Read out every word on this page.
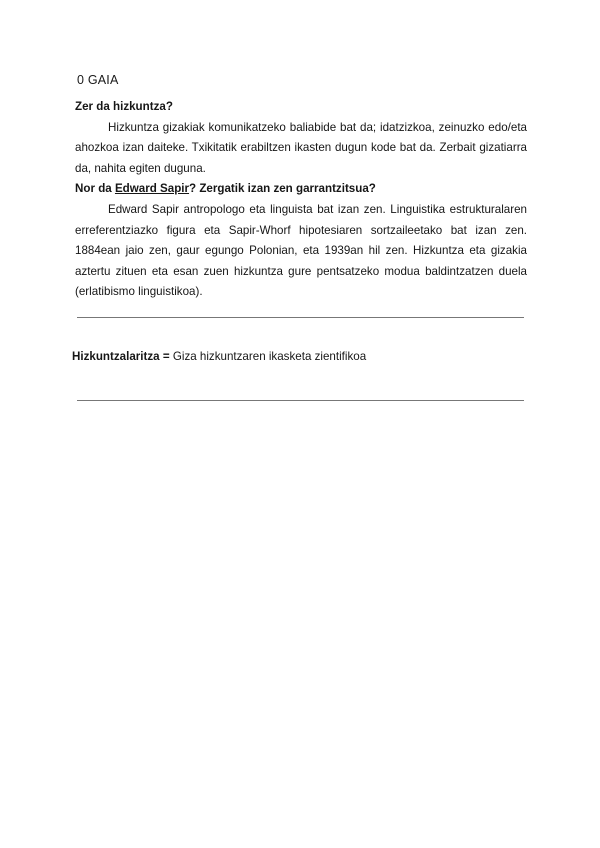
0 GAIA

Zer da hizkuntza?

Hizkuntza gizakiak komunikatzeko baliabide bat da; idatzizkoa, zeinuzko edo/eta ahozkoa izan daiteke. Txikitatik erabiltzen ikasten dugun kode bat da. Zerbait gizatiarra da, nahita egiten duguna.

Nor da Edward Sapir? Zergatik izan zen garrantzitsua?

Edward Sapir antropologo eta linguista bat izan zen. Linguistika estrukturalaren erreferentziazko figura eta Sapir-Whorf hipotesiaren sortzaileetako bat izan zen. 1884ean jaio zen, gaur egungo Polonian, eta 1939an hil zen. Hizkuntza eta gizakia aztertu zituen eta esan zuen hizkuntza gure pentsatzeko modua baldintzatzen duela (erlatibismo linguistikoa).

Hizkuntzalaritza = Giza hizkuntzaren ikasketa zientifikoa
